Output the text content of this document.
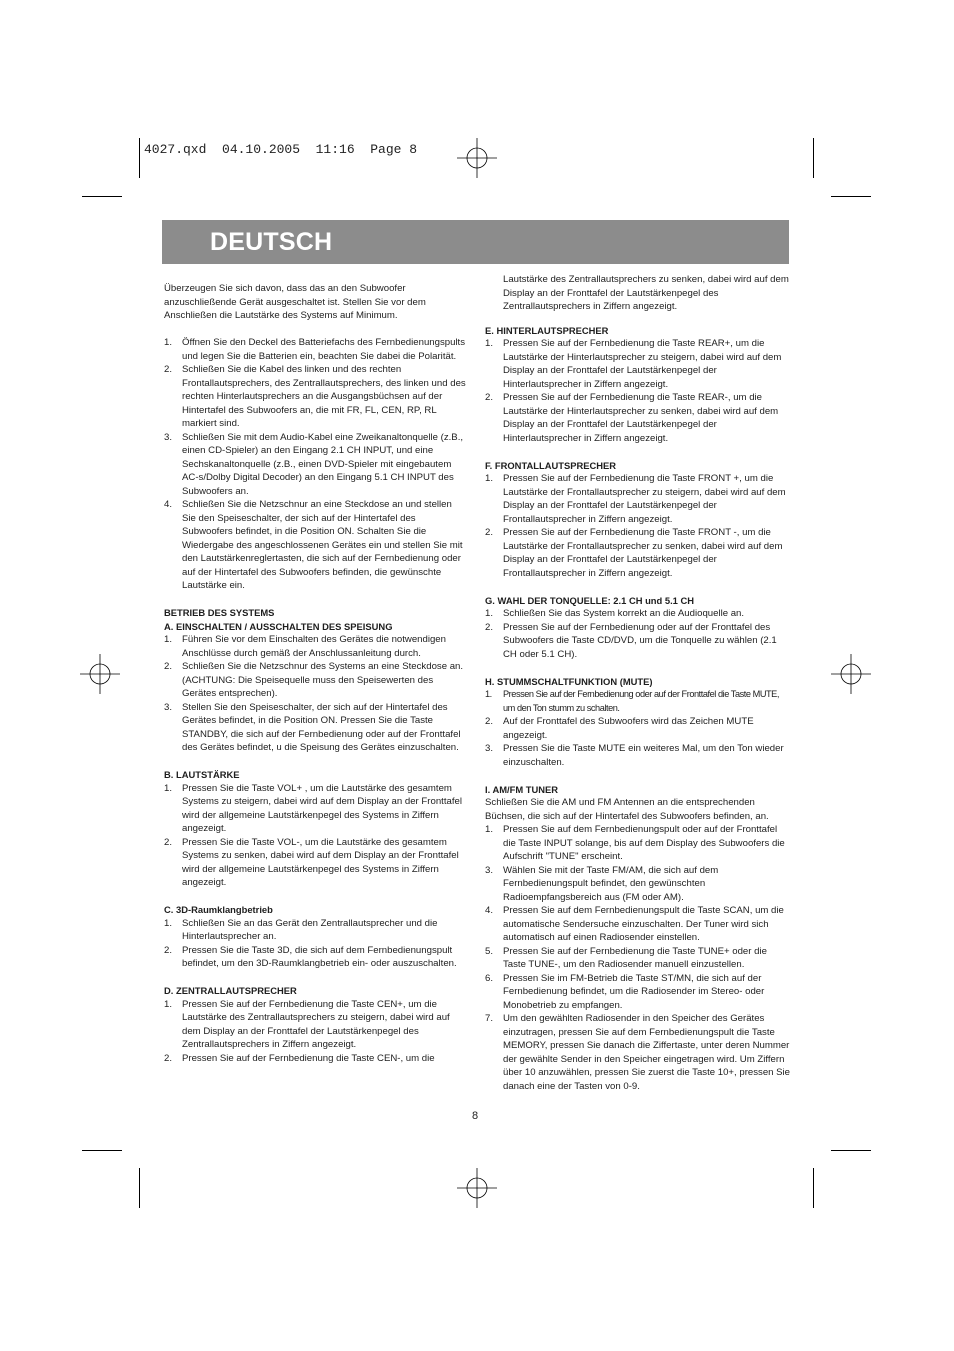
4027.qxd  04.10.2005  11:16  Page 8
DEUTSCH

Überzeugen Sie sich davon, dass das an den Subwoofer anzuschließende Gerät ausgeschaltet ist. Stellen Sie vor dem Anschließen die Lautstärke des Systems auf Minimum.

1. Öffnen Sie den Deckel des Batteriefachs des Fernbedienungspults und legen Sie die Batterien ein, beachten Sie dabei die Polarität.
2. Schließen Sie die Kabel des linken und des rechten Frontallautsprechers, des Zentrallautsprechers, des linken und des rechten Hinterlautsprechers an die Ausgangsbüchsen auf der Hintertafel des Subwoofers an, die mit FR, FL, CEN, RP, RL markiert sind.
3. Schließen Sie mit dem Audio-Kabel eine Zweikanaltonquelle (z.B., einen CD-Spieler) an den Eingang 2.1 CH INPUT, und eine Sechskanaltonquelle (z.B., einen DVD-Spieler mit eingebautem AC-s/Dolby Digital Decoder) an den Eingang 5.1 CH INPUT des Subwoofers an.
4. Schließen Sie die Netzschnur an eine Steckdose an und stellen Sie den Speiseschalter, der sich auf der Hintertafel des Subwoofers befindet, in die Position ON. Schalten Sie die Wiedergabe des angeschlossenen Gerätes ein und stellen Sie mit den Lautstärkenreglertasten, die sich auf der Fernbedienung oder auf der Hintertafel des Subwoofers befinden, die gewünschte Lautstärke ein.

BETRIEB DES SYSTEMS

A. EINSCHALTEN / AUSSCHALTEN DES SPEISUNG

1. Führen Sie vor dem Einschalten des Gerätes die notwendigen Anschlüsse durch gemäß der Anschlussanleitung durch.
2. Schließen Sie die Netzschnur des Systems an eine Steckdose an.
(ACHTUNG: Die Speisequelle muss den Speisewerten des Gerätes entsprechen).
3. Stellen Sie den Speiseschalter, der sich auf der Hintertafel des Gerätes befindet, in die Position ON. Pressen Sie die Taste STANDBY, die sich auf der Fernbedienung oder auf der Fronttafel des Gerätes befindet, u die Speisung des Gerätes einzuschalten.

B. LAUTSTÄRKE

1. Pressen Sie die Taste VOL+ , um die Lautstärke des gesamtem Systems zu steigern, dabei wird auf dem Display an der Fronttafel wird der allgemeine Lautstärkenpegel des Systems in Ziffern angezeigt.
2. Pressen Sie die Taste VOL-, um die Lautstärke des gesamtem Systems zu senken, dabei wird auf dem Display an der Fronttafel wird der allgemeine Lautstärkenpegel des Systems in Ziffern angezeigt.

C. 3D-Raumklangbetrieb

1. Schließen Sie an das Gerät den Zentrallautsprecher und die Hinterlautsprecher an.
2. Pressen Sie die Taste 3D, die sich auf dem Fernbedienungspult befindet, um den 3D-Raumklangbetrieb ein- oder auszuschalten.

D. ZENTRALLAUTSPRECHER

1. Pressen Sie auf der Fernbedienung die Taste CEN+, um die Lautstärke des Zentrallautsprechers zu steigern, dabei wird auf dem Display an der Fronttafel der Lautstärkenpegel des Zentrallautsprechers in Ziffern angezeigt.
2. Pressen Sie auf der Fernbedienung die Taste CEN-, um die

Lautstärke des Zentrallautsprechers zu senken, dabei wird auf dem Display an der Fronttafel der Lautstärkenpegel des Zentrallautsprechers in Ziffern angezeigt.

E. HINTERLAUTSPRECHER

1. Pressen Sie auf der Fernbedienung die Taste REAR+, um die Lautstärke der Hinterlautsprecher zu steigern, dabei wird auf dem Display an der Fronttafel der Lautstärkenpegel der Hinterlautsprecher in Ziffern angezeigt.
2. Pressen Sie auf der Fernbedienung die Taste REAR-, um die Lautstärke der Hinterlautsprecher zu senken, dabei wird auf dem Display an der Fronttafel der Lautstärkenpegel der Hinterlautsprecher in Ziffern angezeigt.

F. FRONTALLAUTSPRECHER

1. Pressen Sie auf der Fernbedienung die Taste FRONT +, um die Lautstärke der Frontallautsprecher zu steigern, dabei wird auf dem Display an der Fronttafel der Lautstärkenpegel der Frontallautsprecher in Ziffern angezeigt.
2. Pressen Sie auf der Fernbedienung die Taste FRONT -, um die Lautstärke der Frontallautsprecher zu senken, dabei wird auf dem Display an der Fronttafel der Lautstärkenpegel der Frontallautsprecher in Ziffern angezeigt.

G. WAHL DER TONQUELLE: 2.1 CH und 5.1 CH

1. Schließen Sie das System korrekt an die Audioquelle an.
2. Pressen Sie auf der Fernbedienung oder auf der Fronttafel des Subwoofers die Taste CD/DVD, um die Tonquelle zu wählen (2.1 CH oder 5.1 CH).

H. STUMMSCHALTFUNKTION (MUTE)

1. Pressen Sie auf der Fernbedienung oder auf der Fronttafel die Taste MUTE, um den Ton stumm zu schalten.
2. Auf der Fronttafel des Subwoofers wird das Zeichen MUTE angezeigt.
3. Pressen Sie die Taste MUTE ein weiteres Mal, um den Ton wieder einzuschalten.

I. AM/FM TUNER

Schließen Sie die AM und FM Antennen an die entsprechenden Büchsen, die sich auf der Hintertafel des Subwoofers befinden, an.

1. Pressen Sie auf dem Fernbedienungspult oder auf der Fronttafel die Taste INPUT solange, bis auf dem Display des Subwoofers die Aufschrift "TUNE" erscheint.
3. Wählen Sie mit der Taste FM/AM, die sich auf dem Fernbedienungspult befindet, den gewünschten Radioempfangsbereich aus (FM oder AM).
4. Pressen Sie auf dem Fernbedienungspult die Taste SCAN, um die automatische Sendersuche einzuschalten. Der Tuner wird sich automatisch auf einen Radiosender einstellen.
5. Pressen Sie auf der Fernbedienung die Taste TUNE+ oder die Taste TUNE-, um den Radiosender manuell einzustellen.
6. Pressen Sie im FM-Betrieb die Taste ST/MN, die sich auf der Fernbedienung befindet, um die Radiosender im Stereo- oder Monobetrieb zu empfangen.
7. Um den gewählten Radiosender in den Speicher des Gerätes einzutragen, pressen Sie auf dem Fernbedienungspult die Taste MEMORY, pressen Sie danach die Ziffertaste, unter deren Nummer der gewählte Sender in den Speicher eingetragen wird. Um Ziffern über 10 anzuwählen, pressen Sie zuerst die Taste 10+, pressen Sie danach eine der Tasten von 0-9.
8
